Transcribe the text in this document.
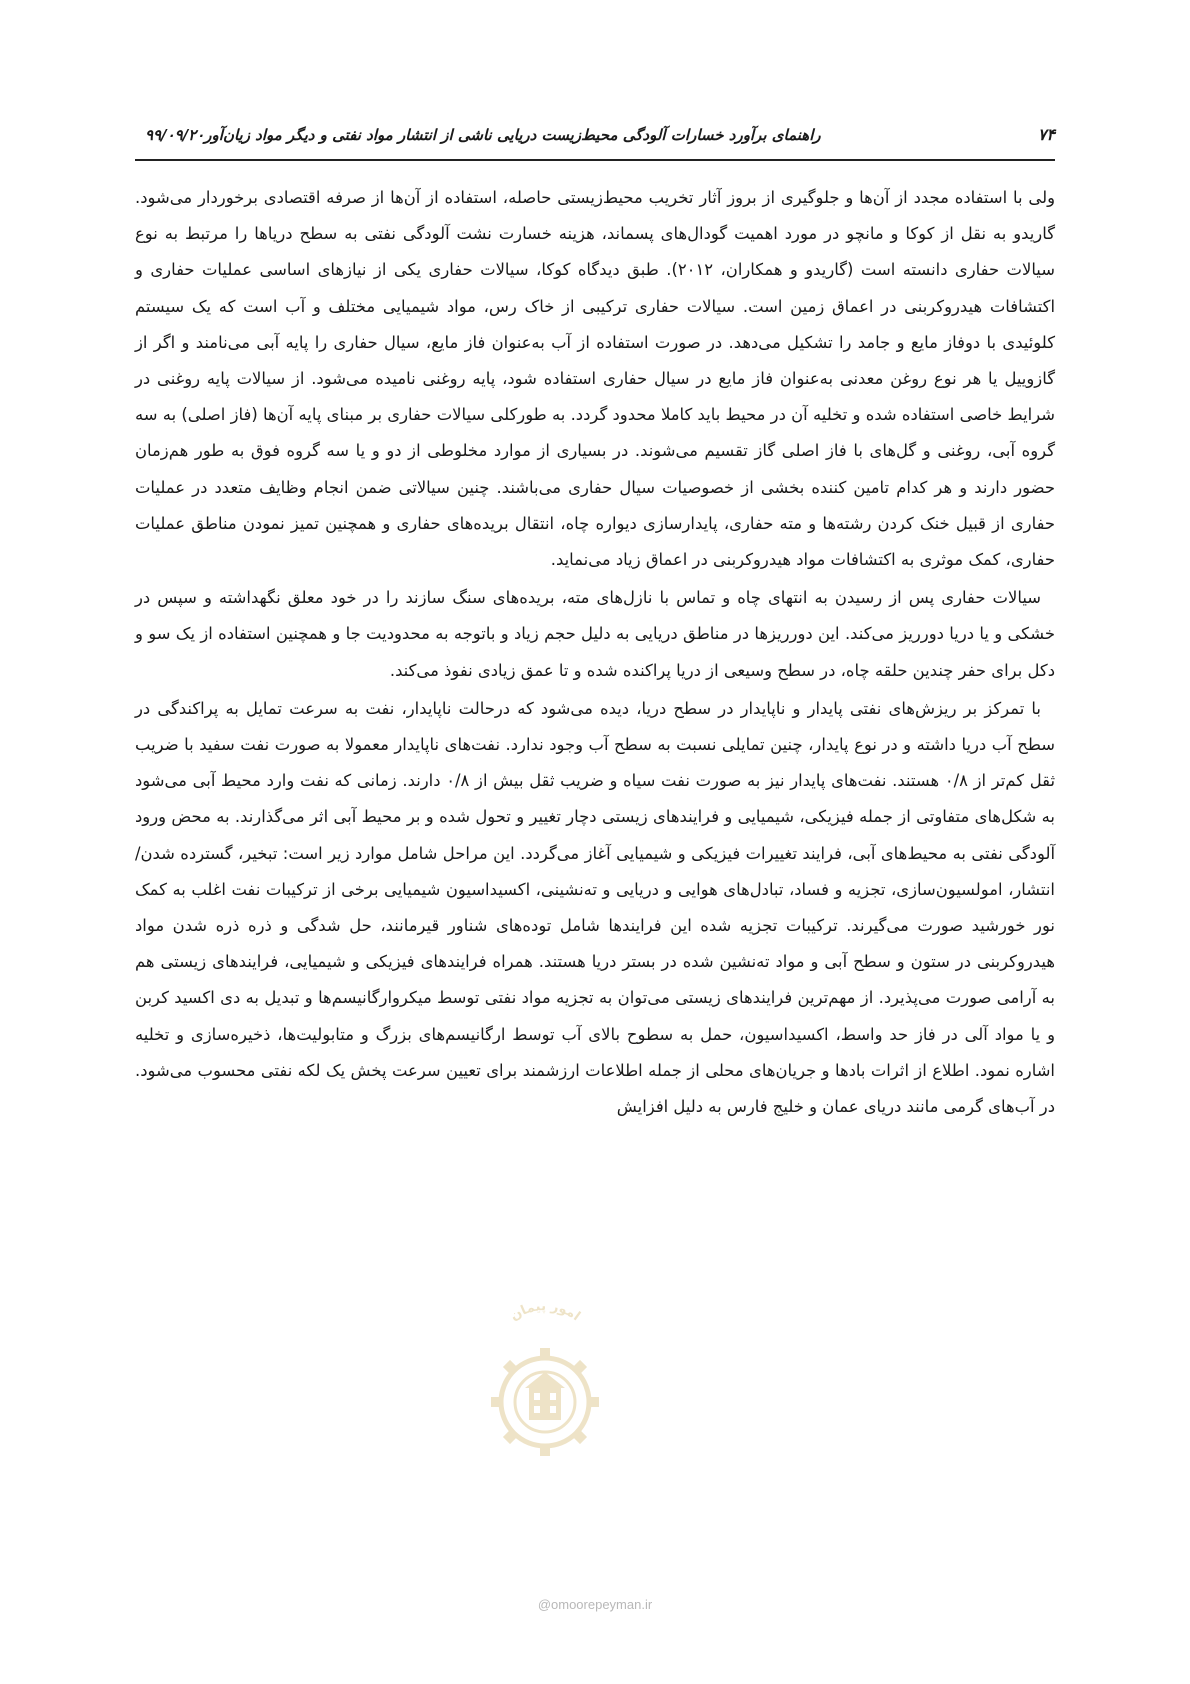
۷۴
راهنمای برآورد خسارات آلودگی محیط‌زیست دریایی ناشی از انتشار مواد نفتی و دیگر مواد زیان‌آور۹۹/۰۹/۲۰

ولی با استفاده مجدد از آن‌ها و جلوگیری از بروز آثار تخریب محیط‌زیستی حاصله، استفاده از آن‌ها از صرفه اقتصادی برخوردار می‌شود. گاریدو به نقل از کوکا و مانچو در مورد اهمیت گودال‌های پسماند، هزینه خسارت نشت آلودگی نفتی به سطح دریاها را مرتبط به نوع سیالات حفاری دانسته است (گاریدو و همکاران، ۲۰۱۲). طبق دیدگاه کوکا، سیالات حفاری یکی از نیازهای اساسی عملیات حفاری و اکتشافات هیدروکربنی در اعماق زمین است. سیالات حفاری ترکیبی از خاک رس، مواد شیمیایی مختلف و آب است که یک سیستم کلوئیدی با دوفاز مایع و جامد را تشکیل می‌دهد. در صورت استفاده از آب به‌عنوان فاز مایع، سیال حفاری را پایه آبی می‌نامند و اگر از گازوییل یا هر نوع روغن معدنی به‌عنوان فاز مایع در سیال حفاری استفاده شود، پایه روغنی نامیده می‌شود. از سیالات پایه روغنی در شرایط خاصی استفاده شده و تخلیه آن در محیط باید کاملا محدود گردد. به طورکلی سیالات حفاری بر مبنای پایه آن‌ها (فاز اصلی) به سه گروه آبی، روغنی و گل‌های با فاز اصلی گاز تقسیم می‌شوند. در بسیاری از موارد مخلوطی از دو و یا سه گروه فوق به طور هم‌زمان حضور دارند و هر کدام تامین کننده بخشی از خصوصیات سیال حفاری می‌باشند. چنین سیالاتی ضمن انجام وظایف متعدد در عملیات حفاری از قبیل خنک کردن رشته‌ها و مته حفاری، پایدارسازی دیواره چاه، انتقال بریده‌های حفاری و همچنین تمیز نمودن مناطق عملیات حفاری، کمک موثری به اکتشافات مواد هیدروکربنی در اعماق زیاد می‌نماید.

سیالات حفاری پس از رسیدن به انتهای چاه و تماس با نازل‌های مته، بریده‌های سنگ سازند را در خود معلق نگهداشته و سپس در خشکی و یا دریا دورریز می‌کند. این دورریزها در مناطق دریایی به دلیل حجم زیاد و باتوجه به محدودیت جا و همچنین استفاده از یک سو و دکل برای حفر چندین حلقه چاه، در سطح وسیعی از دریا پراکنده شده و تا عمق زیادی نفوذ می‌کند.

با تمرکز بر ریزش‌های نفتی پایدار و ناپایدار در سطح دریا، دیده می‌شود که درحالت ناپایدار، نفت به سرعت تمایل به پراکندگی در سطح آب دریا داشته و در نوع پایدار، چنین تمایلی نسبت به سطح آب وجود ندارد. نفت‌های ناپایدار معمولا به صورت نفت سفید با ضریب ثقل کم‌تر از ۰/۸ هستند. نفت‌های پایدار نیز به صورت نفت سیاه و ضریب ثقل بیش از ۰/۸ دارند. زمانی که نفت وارد محیط آبی می‌شود به شکل‌های متفاوتی از جمله فیزیکی، شیمیایی و فرایندهای زیستی دچار تغییر و تحول شده و بر محیط آبی اثر می‌گذارند. به محض ورود آلودگی نفتی به محیط‌های آبی، فرایند تغییرات فیزیکی و شیمیایی آغاز می‌گردد. این مراحل شامل موارد زیر است: تبخیر، گسترده شدن/ انتشار، امولسیون‌سازی، تجزیه و فساد، تبادل‌های هوایی و دریایی و ته‌نشینی، اکسیداسیون شیمیایی برخی از ترکیبات نفت اغلب به کمک نور خورشید صورت می‌گیرند. ترکیبات تجزیه شده این فرایندها شامل توده‌های شناور قیرمانند، حل شدگی و ذره ذره شدن مواد هیدروکربنی در ستون و سطح آبی و مواد ته‌نشین شده در بستر دریا هستند. همراه فرایندهای فیزیکی و شیمیایی، فرایندهای زیستی هم به آرامی صورت می‌پذیرد. از مهم‌ترین فرایندهای زیستی می‌توان به تجزیه مواد نفتی توسط میکروارگانیسم‌ها و تبدیل به دی اکسید کربن و یا مواد آلی در فاز حد واسط، اکسیداسیون، حمل به سطوح بالای آب توسط ارگانیسم‌های بزرگ و متابولیت‌ها، ذخیره‌سازی و تخلیه اشاره نمود. اطلاع از اثرات بادها و جریان‌های محلی از جمله اطلاعات ارزشمند برای تعیین سرعت پخش یک لکه نفتی محسوب می‌شود. در آب‌های گرمی مانند دریای عمان و خلیج فارس به دلیل افزایش

امور پیمان
@omoorepeyman.ir
